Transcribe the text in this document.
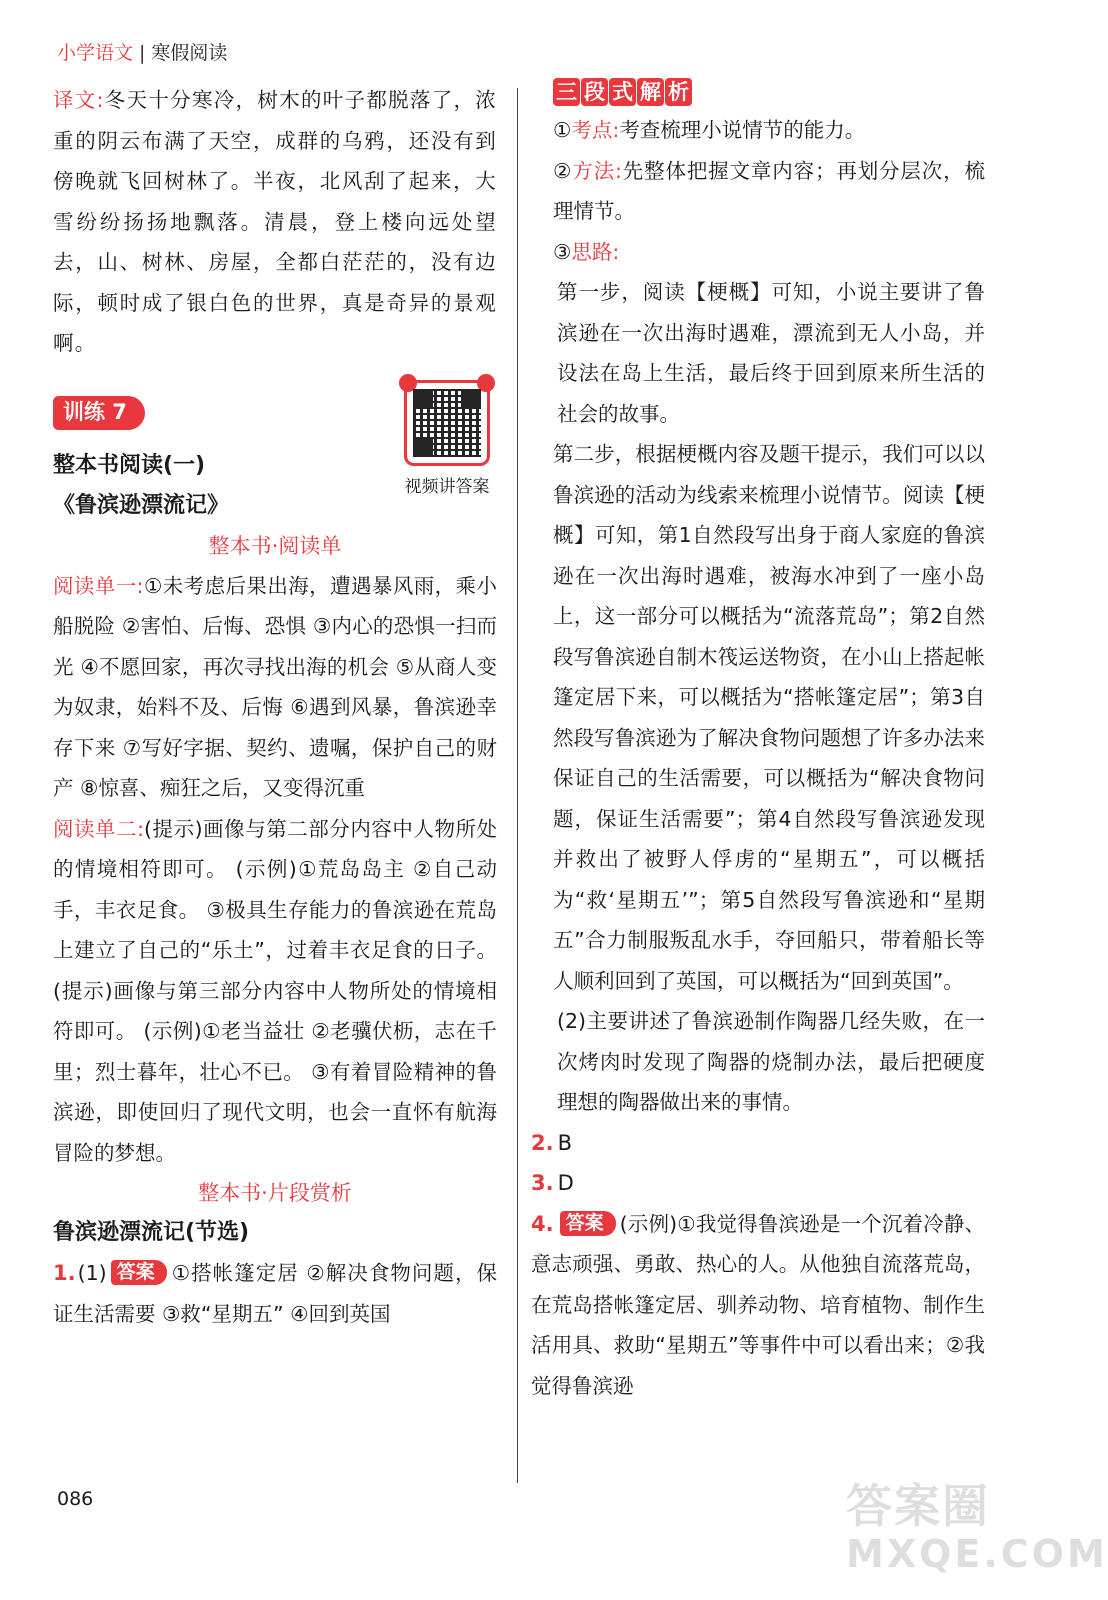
小学语文 | 寒假阅读

译文:冬天十分寒冷，树木的叶子都脱落了，浓重的阴云布满了天空，成群的乌鸦，还没有到傍晚就飞回树林了。半夜，北风刮了起来，大雪纷纷扬扬地飘落。清晨，登上楼向远处望去，山、树林、房屋，全都白茫茫的，没有边际，顿时成了银白色的世界，真是奇异的景观啊。

训练 7
视频讲答案
整本书阅读(一)
《鲁滨逊漂流记》
整本书·阅读单

阅读单一:①未考虑后果出海，遭遇暴风雨，乘小船脱险 ②害怕、后悔、恐惧 ③内心的恐惧一扫而光 ④不愿回家，再次寻找出海的机会 ⑤从商人变为奴隶，始料不及、后悔 ⑥遇到风暴，鲁滨逊幸存下来 ⑦写好字据、契约、遗嘱，保护自己的财产 ⑧惊喜、痴狂之后，又变得沉重

阅读单二:(提示)画像与第二部分内容中人物所处的情境相符即可。 (示例)①荒岛岛主 ②自己动手，丰衣足食。 ③极具生存能力的鲁滨逊在荒岛上建立了自己的“乐土”，过着丰衣足食的日子。 (提示)画像与第三部分内容中人物所处的情境相符即可。 (示例)①老当益壮 ②老骥伏枥，志在千里；烈士暮年，壮心不已。 ③有着冒险精神的鲁滨逊，即使回归了现代文明，也会一直怀有航海冒险的梦想。

整本书·片段赏析
鲁滨逊漂流记(节选)

1.(1) 答案 ①搭帐篷定居 ②解决食物问题，保证生活需要 ③救“星期五” ④回到英国

三 段 式 解 析

①考点:考查梳理小说情节的能力。

②方法:先整体把握文章内容；再划分层次，梳理情节。

③思路:

第一步，阅读【梗概】可知，小说主要讲了鲁滨逊在一次出海时遇难，漂流到无人小岛，并设法在岛上生活，最后终于回到原来所生活的社会的故事。

第二步，根据梗概内容及题干提示，我们可以以鲁滨逊的活动为线索来梳理小说情节。阅读【梗概】可知，第1自然段写出身于商人家庭的鲁滨逊在一次出海时遇难，被海水冲到了一座小岛上，这一部分可以概括为“流落荒岛”；第2自然段写鲁滨逊自制木筏运送物资，在小山上搭起帐篷定居下来，可以概括为“搭帐篷定居”；第3自然段写鲁滨逊为了解决食物问题想了许多办法来保证自己的生活需要，可以概括为“解决食物问题，保证生活需要”；第4自然段写鲁滨逊发现并救出了被野人俘虏的“星期五”，可以概括为“救‘星期五’”；第5自然段写鲁滨逊和“星期五”合力制服叛乱水手，夺回船只，带着船长等人顺利回到了英国，可以概括为“回到英国”。

(2)主要讲述了鲁滨逊制作陶器几经失败，在一次烤肉时发现了陶器的烧制办法，最后把硬度理想的陶器做出来的事情。

2. B
3. D

4. 答案 (示例)①我觉得鲁滨逊是一个沉着冷静、意志顽强、勇敢、热心的人。从他独自流落荒岛，在荒岛搭帐篷定居、驯养动物、培育植物、制作生活用具、救助“星期五”等事件中可以看出来；②我觉得鲁滨逊

086	答案圈
MXQE.COM
